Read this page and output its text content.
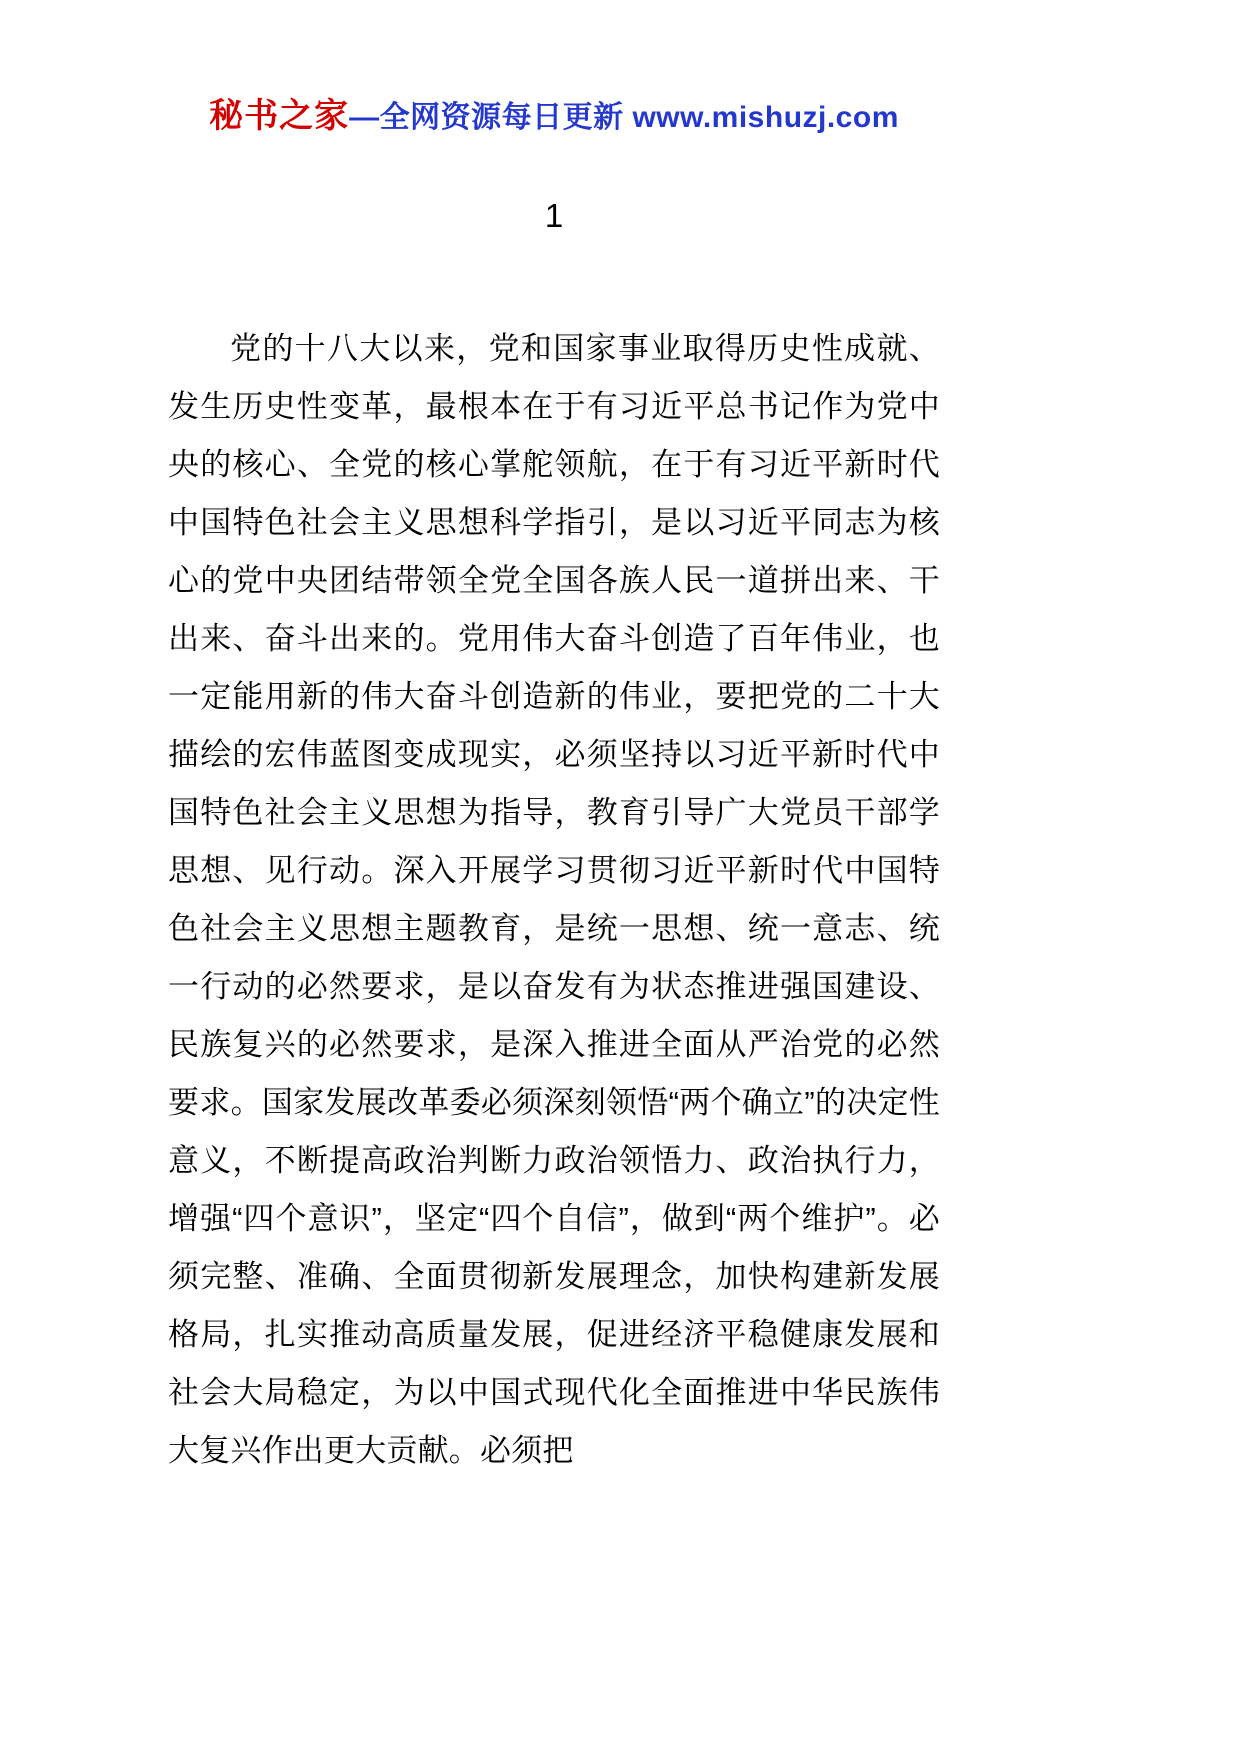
秘书之家—全网资源每日更新 www.mishuzj.com
1

党的十八大以来，党和国家事业取得历史性成就、发生历史性变革，最根本在于有习近平总书记作为党中央的核心、全党的核心掌舵领航，在于有习近平新时代中国特色社会主义思想科学指引，是以习近平同志为核心的党中央团结带领全党全国各族人民一道拼出来、干出来、奋斗出来的。党用伟大奋斗创造了百年伟业，也一定能用新的伟大奋斗创造新的伟业，要把党的二十大描绘的宏伟蓝图变成现实，必须坚持以习近平新时代中国特色社会主义思想为指导，教育引导广大党员干部学思想、见行动。深入开展学习贯彻习近平新时代中国特色社会主义思想主题教育，是统一思想、统一意志、统一行动的必然要求，是以奋发有为状态推进强国建设、民族复兴的必然要求，是深入推进全面从严治党的必然要求。国家发展改革委必须深刻领悟“两个确立”的决定性意义，不断提高政治判断力政治领悟力、政治执行力，增强“四个意识”，坚定“四个自信”，做到“两个维护”。必须完整、准确、全面贯彻新发展理念，加快构建新发展格局，扎实推动高质量发展，促进经济平稳健康发展和社会大局稳定，为以中国式现代化全面推进中华民族伟大复兴作出更大贡献。必须把
